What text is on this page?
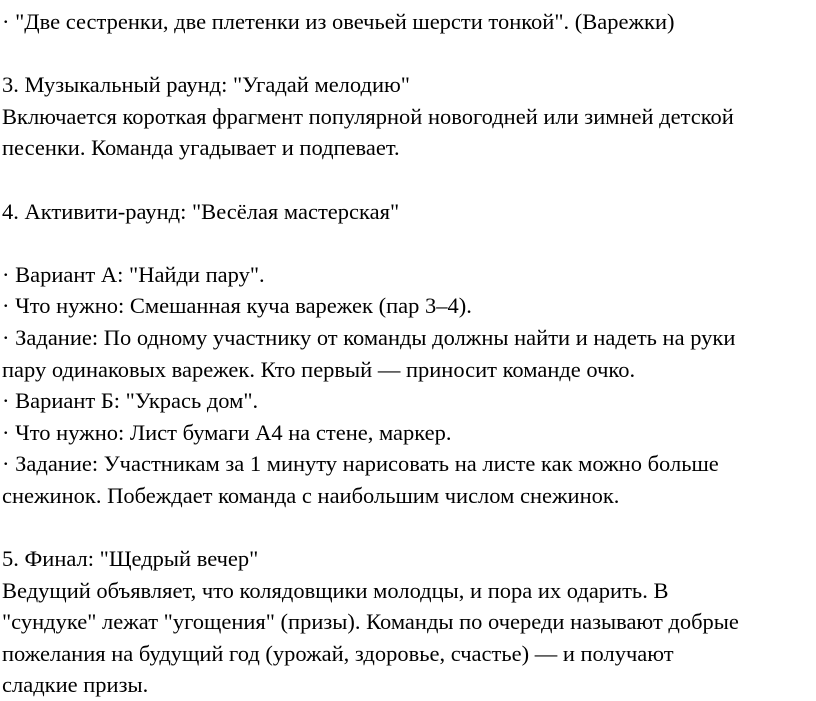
· "Две сестренки, две плетенки из овечьей шерсти тонкой". (Варежки)
3. Музыкальный раунд: "Угадай мелодию"
Включается короткая фрагмент популярной новогодней или зимней детской
песенки. Команда угадывает и подпевает.
4. Активити-раунд: "Весёлая мастерская"
· Вариант А: "Найди пару".
· Что нужно: Смешанная куча варежек (пар 3–4).
· Задание: По одному участнику от команды должны найти и надеть на руки
пару одинаковых варежек. Кто первый — приносит команде очко.
· Вариант Б: "Укрась дом".
· Что нужно: Лист бумаги А4 на стене, маркер.
· Задание: Участникам за 1 минуту нарисовать на листе как можно больше
снежинок. Побеждает команда с наибольшим числом снежинок.
5. Финал: "Щедрый вечер"
Ведущий объявляет, что колядовщики молодцы, и пора их одарить. В
"сундуке" лежат "угощения" (призы). Команды по очереди называют добрые
пожелания на будущий год (урожай, здоровье, счастье) — и получают
сладкие призы.
